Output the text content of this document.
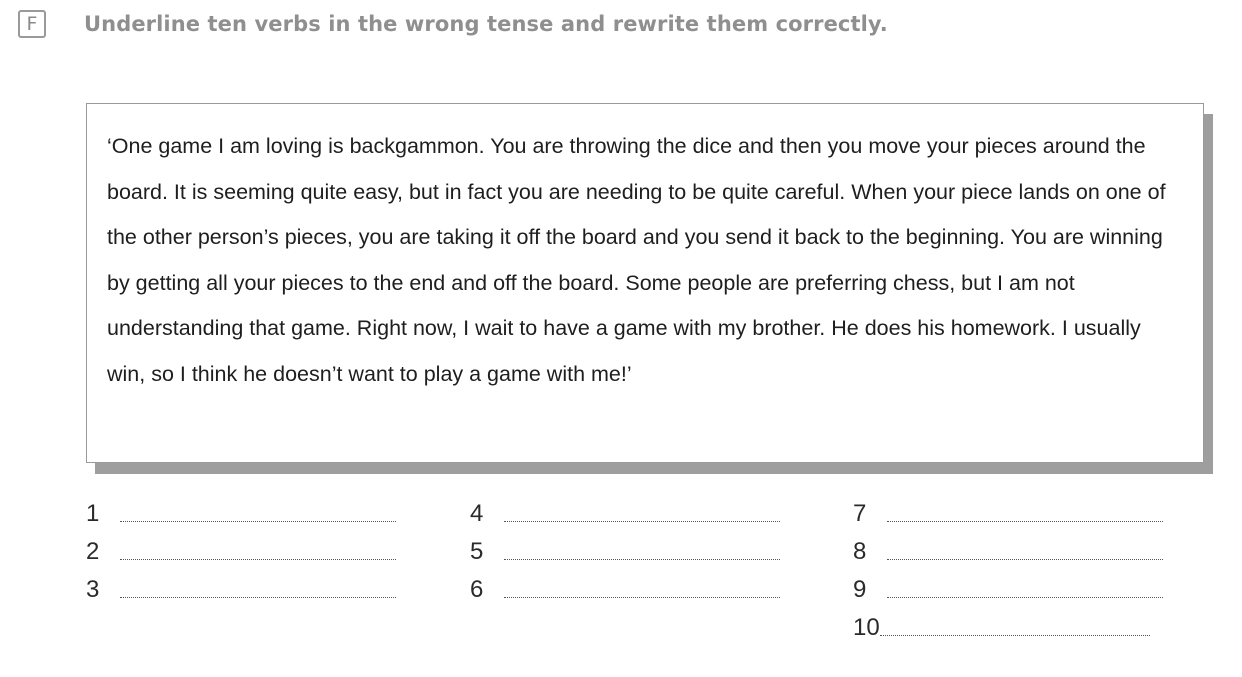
F	Underline ten verbs in the wrong tense and rewrite them correctly.

‘One game I am loving is backgammon. You are throwing the dice and then you move your pieces around the board. It is seeming quite easy, but in fact you are needing to be quite careful. When your piece lands on one of the other person’s pieces, you are taking it off the board and you send it back to the beginning. You are winning by getting all your pieces to the end and off the board. Some people are preferring chess, but I am not understanding that game. Right now, I wait to have a game with my brother. He does his homework. I usually win, so I think he doesn’t want to play a game with me!’

1
2
3
4
5
6
7
8
9
10
